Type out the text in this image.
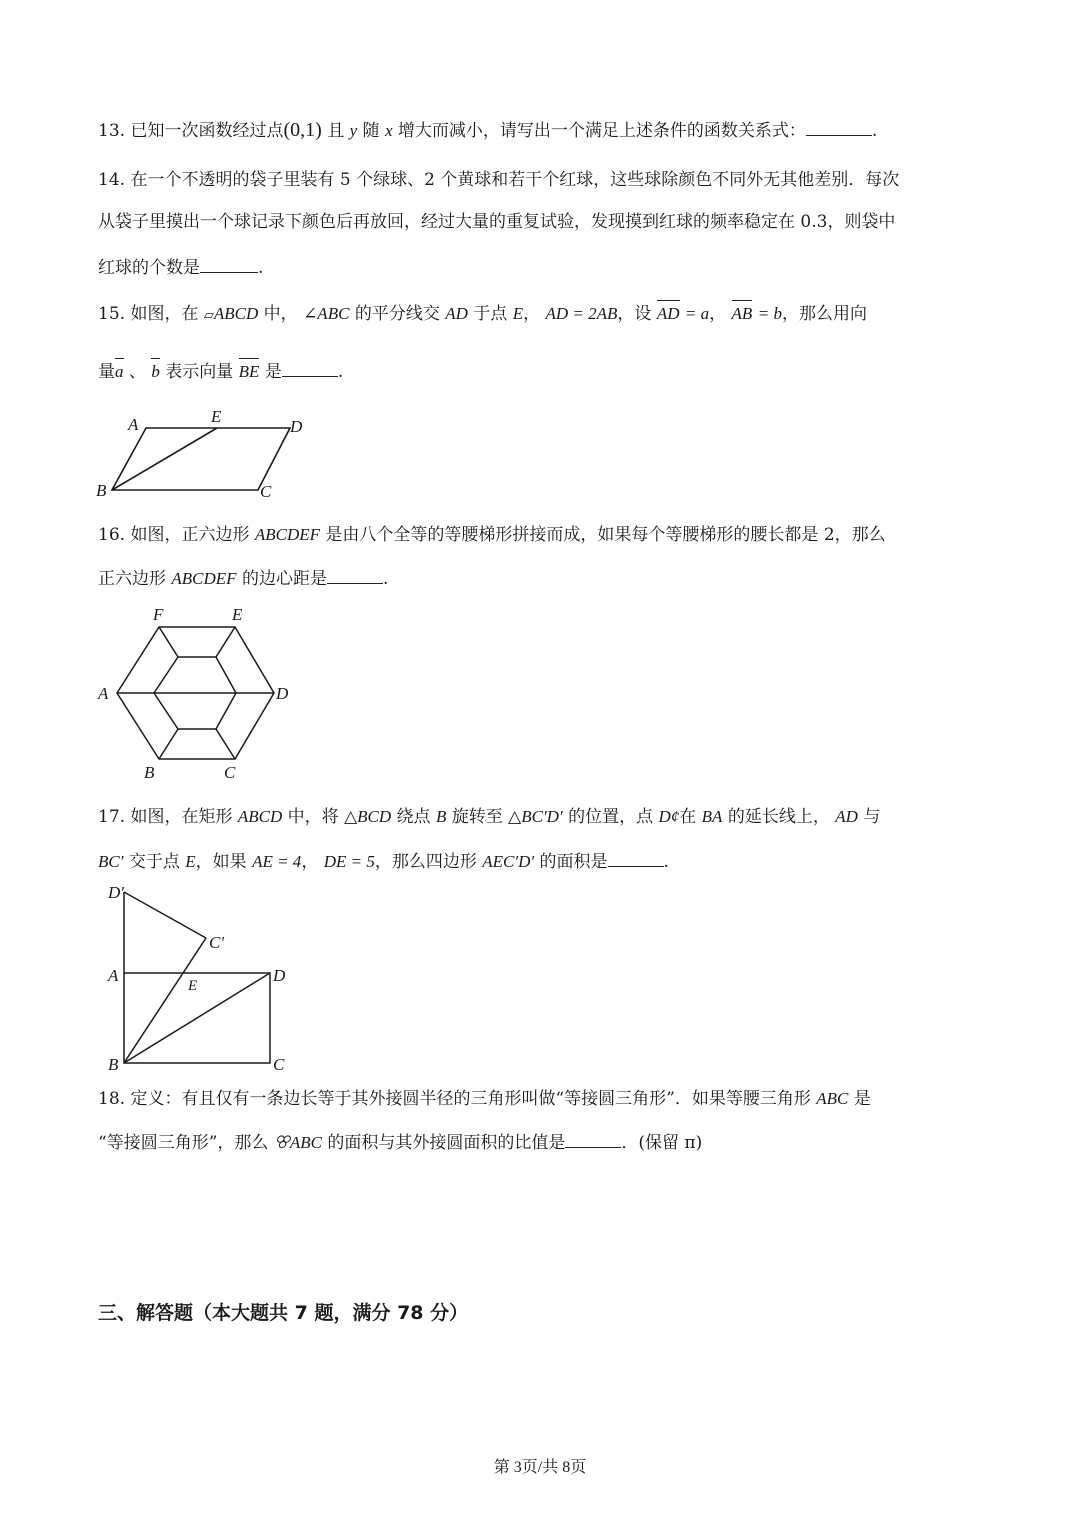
13. 已知一次函数经过点(0,1) 且 y 随 x 增大而减小，请写出一个满足上述条件的函数关系式：	.
14. 在一个不透明的袋子里装有 5 个绿球、2 个黄球和若干个红球，这些球除颜色不同外无其他差别．每次
从袋子里摸出一个球记录下颜色后再放回，经过大量的重复试验，发现摸到红球的频率稳定在 0.3，则袋中
红球的个数是	.
15. 如图，在 ▱ABCD 中， ∠ABC 的平分线交 AD 于点 E， AD = 2AB，设 AD = a， AB = b，那么用向
量a 、 b 表示向量 BE 是	.
A	E
D
B	C
16. 如图，正六边形 ABCDEF 是由八个全等的等腰梯形拼接而成，如果每个等腰梯形的腰长都是 2，那么
正六边形 ABCDEF 的边心距是	.
F	E
A	D
B	C
17. 如图，在矩形 ABCD 中，将 △BCD 绕点 B 旋转至 △BC′D′ 的位置，点 D¢在 BA 的延长线上， AD 与
BC′ 交于点 E，如果 AE = 4， DE = 5，那么四边形 AEC′D′ 的面积是	.
D′
C′
A
E
D
B	C
18. 定义：有且仅有一条边长等于其外接圆半径的三角形叫做“等接圆三角形”．如果等腰三角形 ABC 是
“等接圆三角形”，那么 ꕢABC 的面积与其外接圆面积的比值是	．(保留 π)
三、解答题（本大题共 7 题，满分 78 分）
第 3页/共 8页
